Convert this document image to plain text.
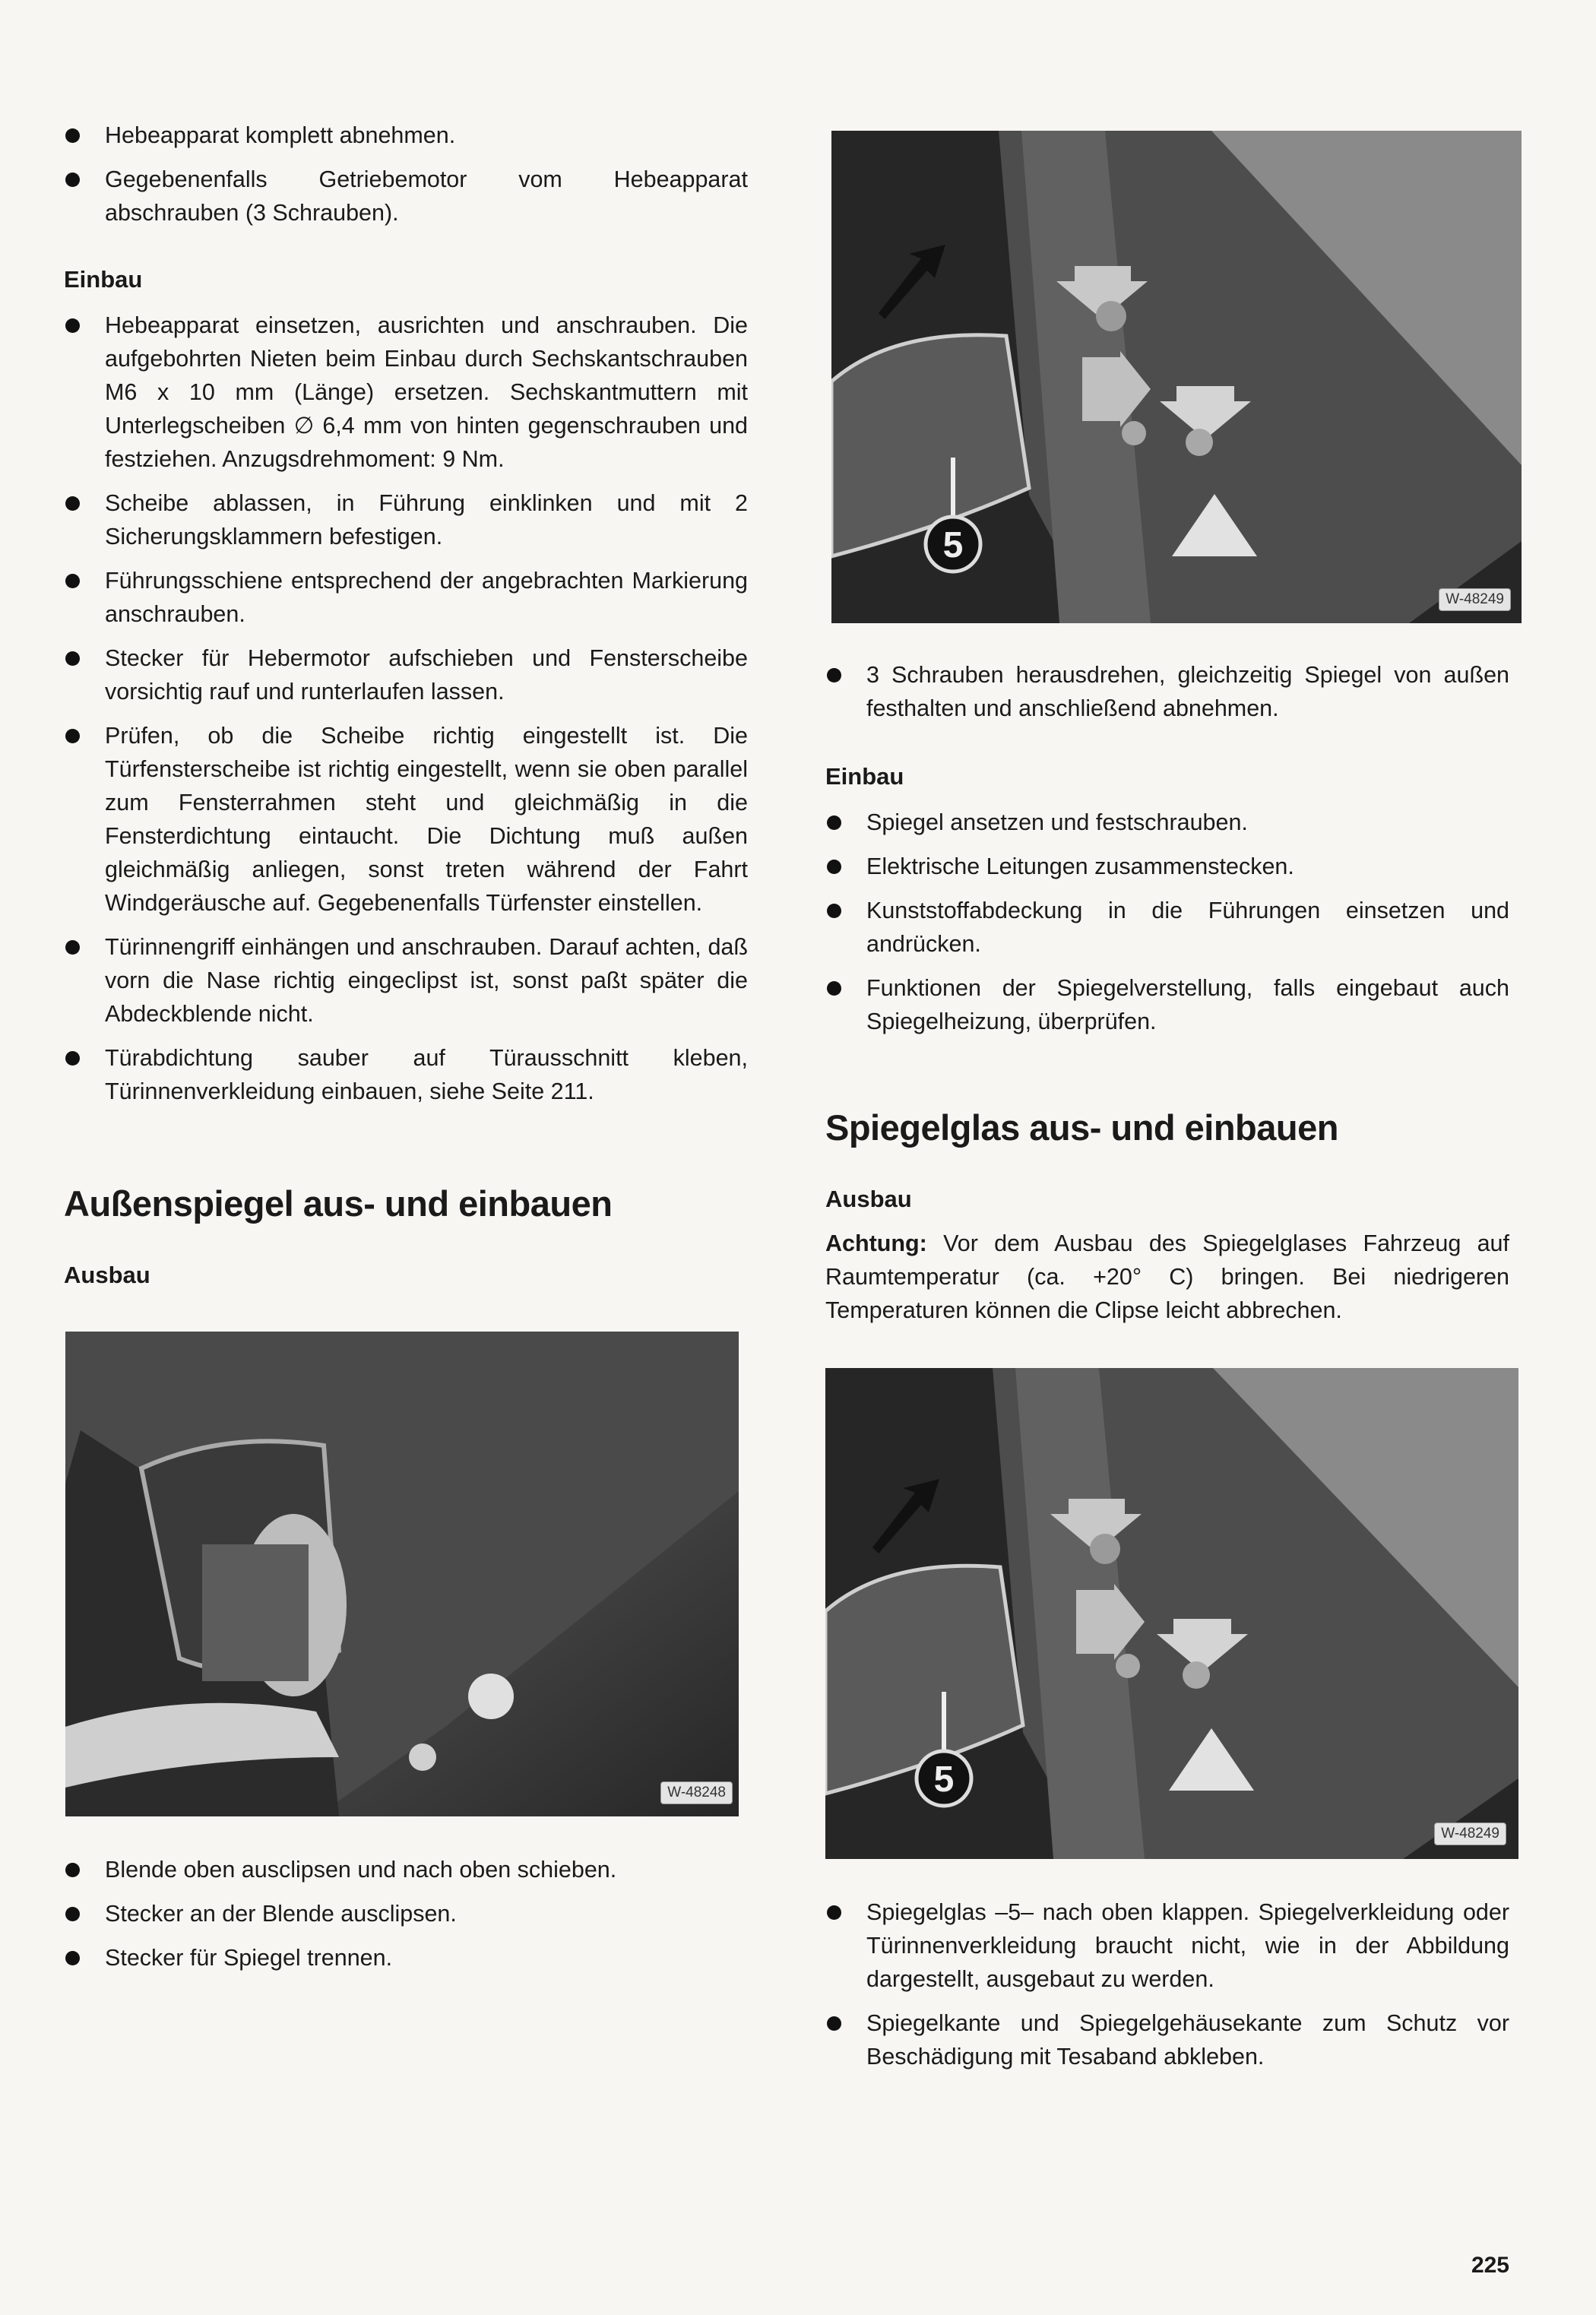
Hebeapparat komplett abnehmen.
Gegebenenfalls Getriebemotor vom Hebeapparat abschrauben (3 Schrauben).
Einbau
Hebeapparat einsetzen, ausrichten und anschrauben. Die aufgebohrten Nieten beim Einbau durch Sechskantschrauben M6 x 10 mm (Länge) ersetzen. Sechskantmuttern mit Unterlegscheiben ∅ 6,4 mm von hinten gegenschrauben und festziehen. Anzugsdrehmoment: 9 Nm.
Scheibe ablassen, in Führung einklinken und mit 2 Sicherungsklammern befestigen.
Führungsschiene entsprechend der angebrachten Markierung anschrauben.
Stecker für Hebermotor aufschieben und Fensterscheibe vorsichtig rauf und runterlaufen lassen.
Prüfen, ob die Scheibe richtig eingestellt ist. Die Türfensterscheibe ist richtig eingestellt, wenn sie oben parallel zum Fensterrahmen steht und gleichmäßig in die Fensterdichtung eintaucht. Die Dichtung muß außen gleichmäßig anliegen, sonst treten während der Fahrt Windgeräusche auf. Gegebenenfalls Türfenster einstellen.
Türinnengriff einhängen und anschrauben. Darauf achten, daß vorn die Nase richtig eingeclipst ist, sonst paßt später die Abdeckblende nicht.
Türabdichtung sauber auf Türausschnitt kleben, Türinnenverkleidung einbauen, siehe Seite 211.
Außenspiegel aus- und einbauen
Ausbau
W-48248
Blende oben ausclipsen und nach oben schieben.
Stecker an der Blende ausclipsen.
Stecker für Spiegel trennen.
5
W-48249
3 Schrauben herausdrehen, gleichzeitig Spiegel von außen festhalten und anschließend abnehmen.
Einbau
Spiegel ansetzen und festschrauben.
Elektrische Leitungen zusammenstecken.
Kunststoffabdeckung in die Führungen einsetzen und andrücken.
Funktionen der Spiegelverstellung, falls eingebaut auch Spiegelheizung, überprüfen.
Spiegelglas aus- und einbauen
Ausbau
Achtung: Vor dem Ausbau des Spiegelglases Fahrzeug auf Raumtemperatur (ca. +20° C) bringen. Bei niedrigeren Temperaturen können die Clipse leicht abbrechen.
5
W-48249
Spiegelglas –5– nach oben klappen. Spiegelverkleidung oder Türinnenverkleidung braucht nicht, wie in der Abbildung dargestellt, ausgebaut zu werden.
Spiegelkante und Spiegelgehäusekante zum Schutz vor Beschädigung mit Tesaband abkleben.
225
